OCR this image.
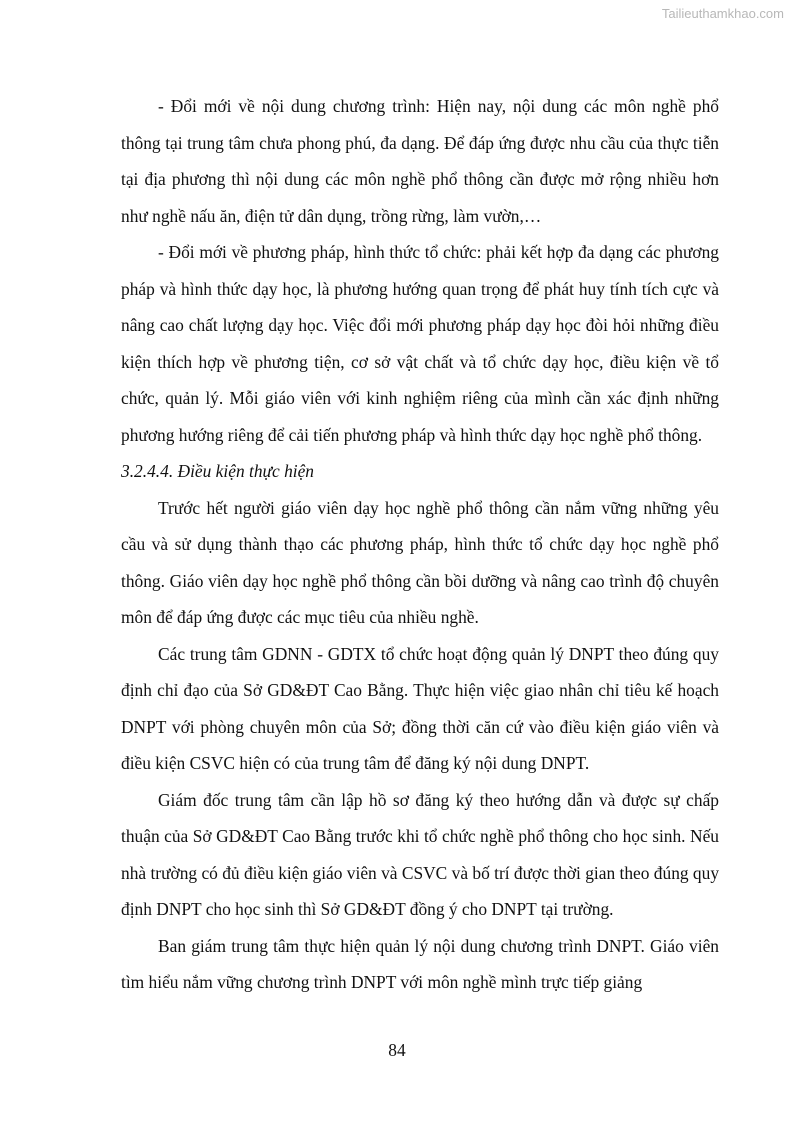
Tailieuthamkhao.com

- Đổi mới về nội dung chương trình: Hiện nay, nội dung các môn nghề phổ thông tại trung tâm chưa phong phú, đa dạng. Để đáp ứng được nhu cầu của thực tiễn tại địa phương thì nội dung các môn nghề phổ thông cần được mở rộng nhiều hơn như nghề nấu ăn, điện tử dân dụng, trồng rừng, làm vườn,…

- Đổi mới về phương pháp, hình thức tổ chức: phải kết hợp đa dạng các phương pháp và hình thức dạy học, là phương hướng quan trọng để phát huy tính tích cực và nâng cao chất lượng dạy học. Việc đổi mới phương pháp dạy học đòi hỏi những điều kiện thích hợp về phương tiện, cơ sở vật chất và tổ chức dạy học, điều kiện về tổ chức, quản lý. Mỗi giáo viên với kinh nghiệm riêng của mình cần xác định những phương hướng riêng để cải tiến phương pháp và hình thức dạy học nghề phổ thông.

3.2.4.4. Điều kiện thực hiện

Trước hết người giáo viên dạy học nghề phổ thông cần nắm vững những yêu cầu và sử dụng thành thạo các phương pháp, hình thức tổ chức dạy học nghề phổ thông. Giáo viên dạy học nghề phổ thông cần bồi dưỡng và nâng cao trình độ chuyên môn để đáp ứng được các mục tiêu của nhiều nghề.

Các trung tâm GDNN - GDTX tổ chức hoạt động quản lý DNPT theo đúng quy định chỉ đạo của Sở GD&ĐT Cao Bằng. Thực hiện việc giao nhân chỉ tiêu kế hoạch DNPT với phòng chuyên môn của Sở; đồng thời căn cứ vào điều kiện giáo viên và điều kiện CSVC hiện có của trung tâm để đăng ký nội dung DNPT.

Giám đốc trung tâm cần lập hồ sơ đăng ký theo hướng dẫn và được sự chấp thuận của Sở GD&ĐT Cao Bằng trước khi tổ chức nghề phổ thông cho học sinh. Nếu nhà trường có đủ điều kiện giáo viên và CSVC và bố trí được thời gian theo đúng quy định DNPT cho học sinh thì Sở GD&ĐT đồng ý cho DNPT tại trường.

Ban giám trung tâm thực hiện quản lý nội dung chương trình DNPT. Giáo viên tìm hiểu nắm vững chương trình DNPT với môn nghề mình trực tiếp giảng

84
